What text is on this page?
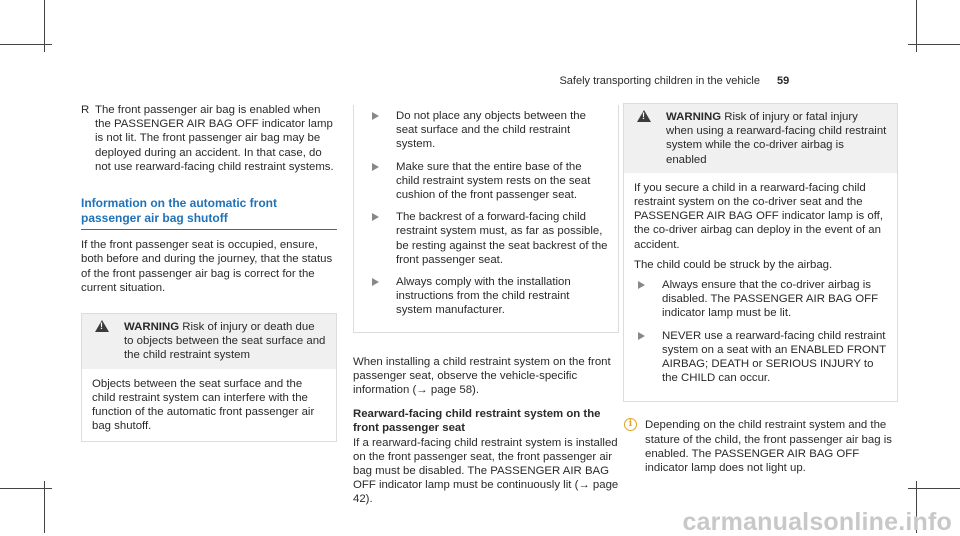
Safely transporting children in the vehicle 59
R The front passenger air bag is enabled when the PASSENGER AIR BAG OFF indicator lamp is not lit. The front passenger air bag may be deployed during an accident. In that case, do not use rearward-facing child restraint systems.
Information on the automatic front passenger air bag shutoff

If the front passenger seat is occupied, ensure, both before and during the journey, that the status of the front passenger air bag is correct for the current situation.

!
WARNING Risk of injury or death due to objects between the seat surface and the child restraint system
Objects between the seat surface and the child restraint system can interfere with the function of the automatic front passenger air bag shutoff.
Do not place any objects between the seat surface and the child restraint system.
Make sure that the entire base of the child restraint system rests on the seat cushion of the front passenger seat.
The backrest of a forward-facing child restraint system must, as far as possible, be resting against the seat backrest of the front passenger seat.
Always comply with the installation instructions from the child restraint system manufacturer.

When installing a child restraint system on the front passenger seat, observe the vehicle-specific information (→ page 58).

Rearward-facing child restraint system on the front passenger seat

If a rearward-facing child restraint system is installed on the front passenger seat, the front passenger air bag must be disabled. The PASSENGER AIR BAG OFF indicator lamp must be continuously lit (→ page 42).

!
WARNING Risk of injury or fatal injury when using a rearward-facing child restraint system while the co-driver airbag is enabled

If you secure a child in a rearward-facing child restraint system on the co-driver seat and the PASSENGER AIR BAG OFF indicator lamp is off, the co-driver airbag can deploy in the event of an accident.

The child could be struck by the airbag.

Always ensure that the co-driver airbag is disabled. The PASSENGER AIR BAG OFF indicator lamp must be lit.
NEVER use a rearward-facing child restraint system on a seat with an ENABLED FRONT AIRBAG; DEATH or SERIOUS INJURY to the CHILD can occur.
i	Depending on the child restraint system and the stature of the child, the front passenger air bag is enabled. The PASSENGER AIR BAG OFF indicator lamp does not light up.
carmanualsonline.info
